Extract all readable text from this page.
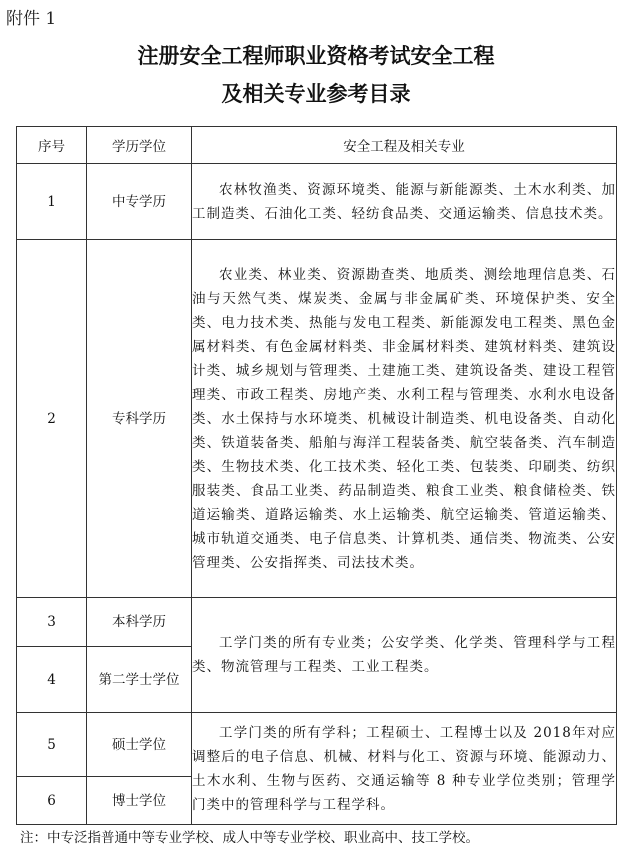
附件 1
注册安全工程师职业资格考试安全工程
及相关专业参考目录
序号	学历学位	安全工程及相关专业
1	中专学历	农林牧渔类、资源环境类、能源与新能源类、土木水利类、加工制造类、石油化工类、轻纺食品类、交通运输类、信息技术类。
2	专科学历	农业类、林业类、资源勘查类、地质类、测绘地理信息类、石油与天然气类、煤炭类、金属与非金属矿类、环境保护类、安全类、电力技术类、热能与发电工程类、新能源发电工程类、黑色金属材料类、有色金属材料类、非金属材料类、建筑材料类、建筑设计类、城乡规划与管理类、土建施工类、建筑设备类、建设工程管理类、市政工程类、房地产类、水利工程与管理类、水利水电设备类、水土保持与水环境类、机械设计制造类、机电设备类、自动化类、铁道装备类、船舶与海洋工程装备类、航空装备类、汽车制造类、生物技术类、化工技术类、轻化工类、包装类、印刷类、纺织服装类、食品工业类、药品制造类、粮食工业类、粮食储检类、铁道运输类、道路运输类、水上运输类、航空运输类、管道运输类、城市轨道交通类、电子信息类、计算机类、通信类、物流类、公安管理类、公安指挥类、司法技术类。
3	本科学历	工学门类的所有专业类；公安学类、化学类、管理科学与工程类、物流管理与工程类、工业工程类。
4	第二学士学位	
5	硕士学位	工学门类的所有学科；工程硕士、工程博士以及 2018年对应调整后的电子信息、机械、材料与化工、资源与环境、能源动力、土木水利、生物与医药、交通运输等 8 种专业学位类别；管理学门类中的管理科学与工程学科。
6	博士学位	
注：中专泛指普通中等专业学校、成人中等专业学校、职业高中、技工学校。
